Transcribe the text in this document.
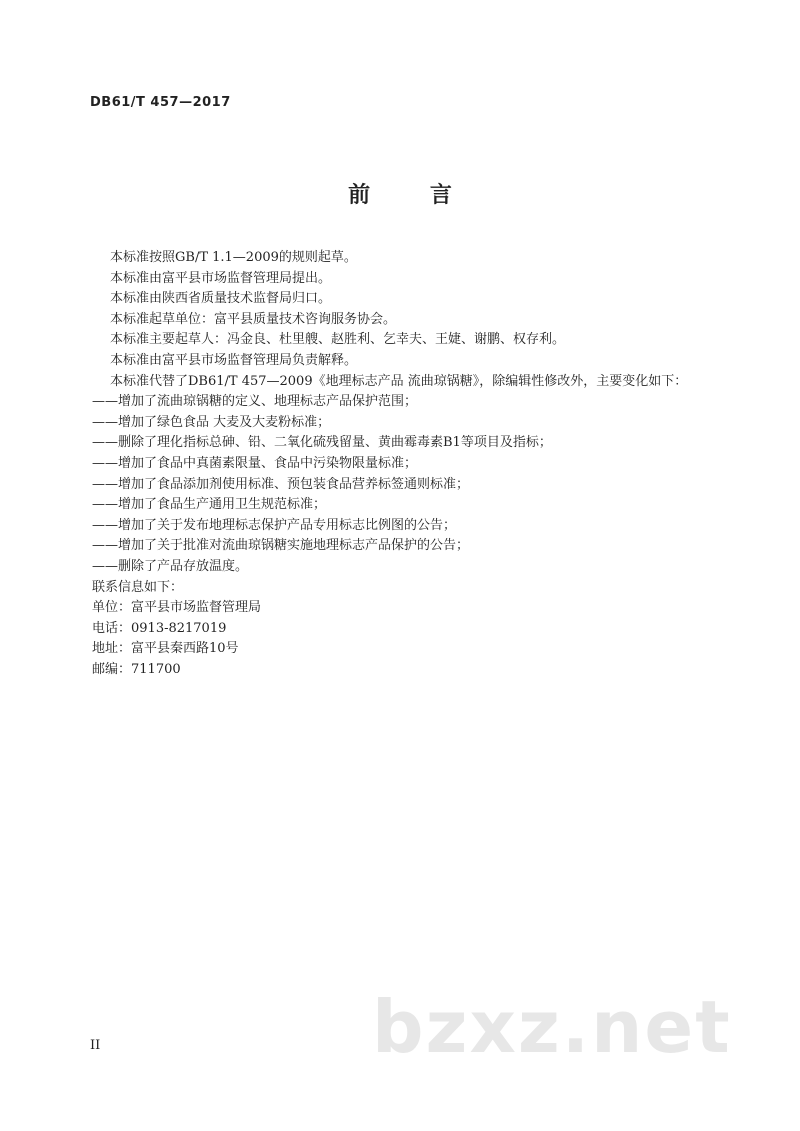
DB61/T 457—2017
前 言
本标准按照GB/T 1.1—2009的规则起草。
本标准由富平县市场监督管理局提出。
本标准由陕西省质量技术监督局归口。
本标准起草单位：富平县质量技术咨询服务协会。
本标准主要起草人：冯金良、杜里艘、赵胜利、乞幸夫、王婕、谢鹏、权存利。
本标准由富平县市场监督管理局负责解释。
本标准代替了DB61/T 457—2009《地理标志产品 流曲琼锅糖》，除编辑性修改外，主要变化如下：
——增加了流曲琼锅糖的定义、地理标志产品保护范围；
——增加了绿色食品 大麦及大麦粉标准；
——删除了理化指标总砷、铅、二氧化硫残留量、黄曲霉毒素B1等项目及指标；
——增加了食品中真菌素限量、食品中污染物限量标准；
——增加了食品添加剂使用标准、预包装食品营养标签通则标准；
——增加了食品生产通用卫生规范标准；
——增加了关于发布地理标志保护产品专用标志比例图的公告；
——增加了关于批准对流曲琼锅糖实施地理标志产品保护的公告；
——删除了产品存放温度。
联系信息如下：
单位：富平县市场监督管理局
电话：0913-8217019
地址：富平县秦西路10号
邮编：711700
bzxz.net
II
